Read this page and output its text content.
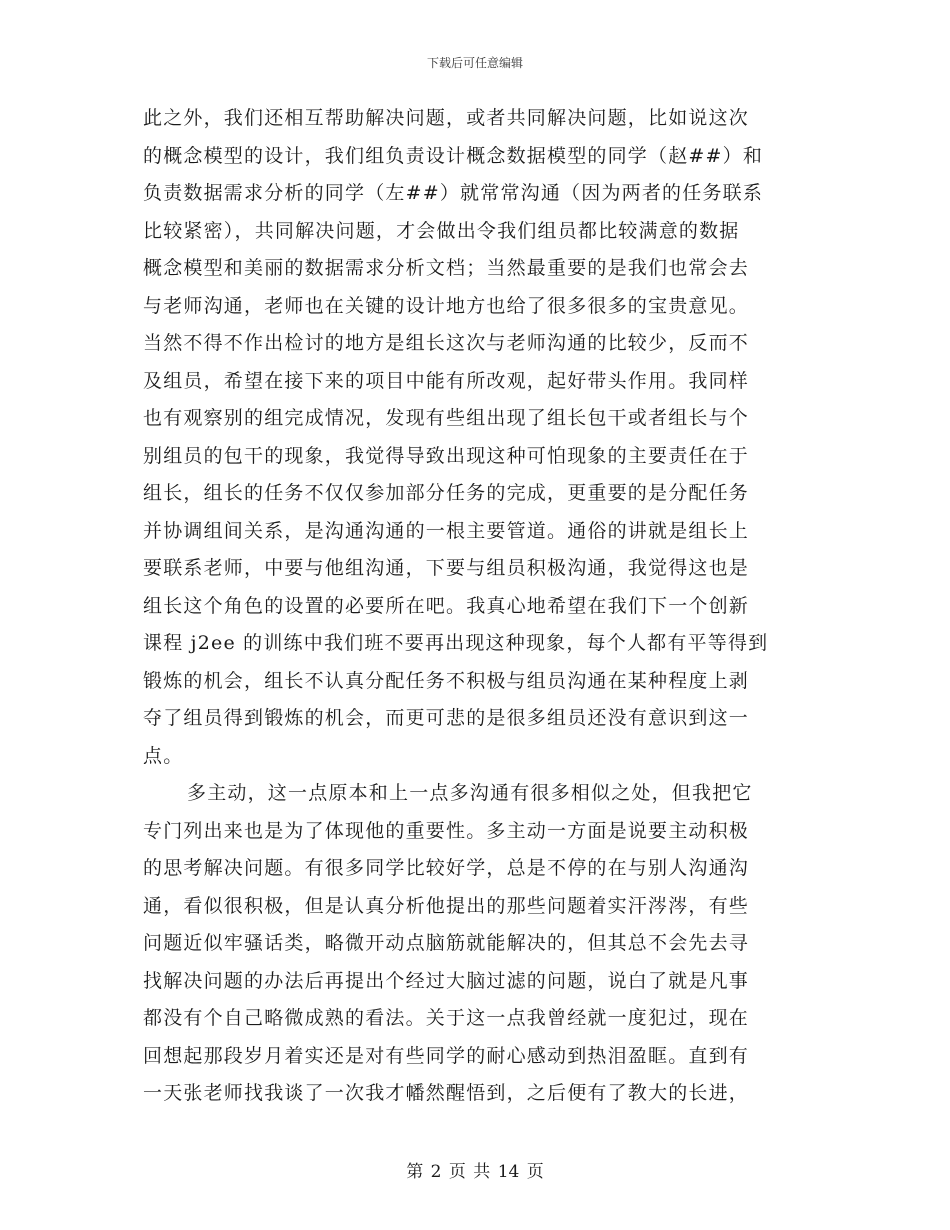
下载后可任意编辑
此之外，我们还相互帮助解决问题，或者共同解决问题，比如说这次
的概念模型的设计，我们组负责设计概念数据模型的同学（赵##）和
负责数据需求分析的同学（左##）就常常沟通（因为两者的任务联系
比较紧密），共同解决问题，才会做出令我们组员都比较满意的数据
概念模型和美丽的数据需求分析文档；当然最重要的是我们也常会去
与老师沟通，老师也在关键的设计地方也给了很多很多的宝贵意见。
当然不得不作出检讨的地方是组长这次与老师沟通的比较少，反而不
及组员，希望在接下来的项目中能有所改观，起好带头作用。我同样
也有观察别的组完成情况，发现有些组出现了组长包干或者组长与个
别组员的包干的现象，我觉得导致出现这种可怕现象的主要责任在于
组长，组长的任务不仅仅参加部分任务的完成，更重要的是分配任务
并协调组间关系，是沟通沟通的一根主要管道。通俗的讲就是组长上
要联系老师，中要与他组沟通，下要与组员积极沟通，我觉得这也是
组长这个角色的设置的必要所在吧。我真心地希望在我们下一个创新
课程 j2ee 的训练中我们班不要再出现这种现象，每个人都有平等得到
锻炼的机会，组长不认真分配任务不积极与组员沟通在某种程度上剥
夺了组员得到锻炼的机会，而更可悲的是很多组员还没有意识到这一
点。
多主动，这一点原本和上一点多沟通有很多相似之处，但我把它
专门列出来也是为了体现他的重要性。多主动一方面是说要主动积极
的思考解决问题。有很多同学比较好学，总是不停的在与别人沟通沟
通，看似很积极，但是认真分析他提出的那些问题着实汗涔涔，有些
问题近似牢骚话类，略微开动点脑筋就能解决的，但其总不会先去寻
找解决问题的办法后再提出个经过大脑过滤的问题，说白了就是凡事
都没有个自己略微成熟的看法。关于这一点我曾经就一度犯过，现在
回想起那段岁月着实还是对有些同学的耐心感动到热泪盈眶。直到有
一天张老师找我谈了一次我才幡然醒悟到，之后便有了教大的长进，
第 2 页 共 14 页
